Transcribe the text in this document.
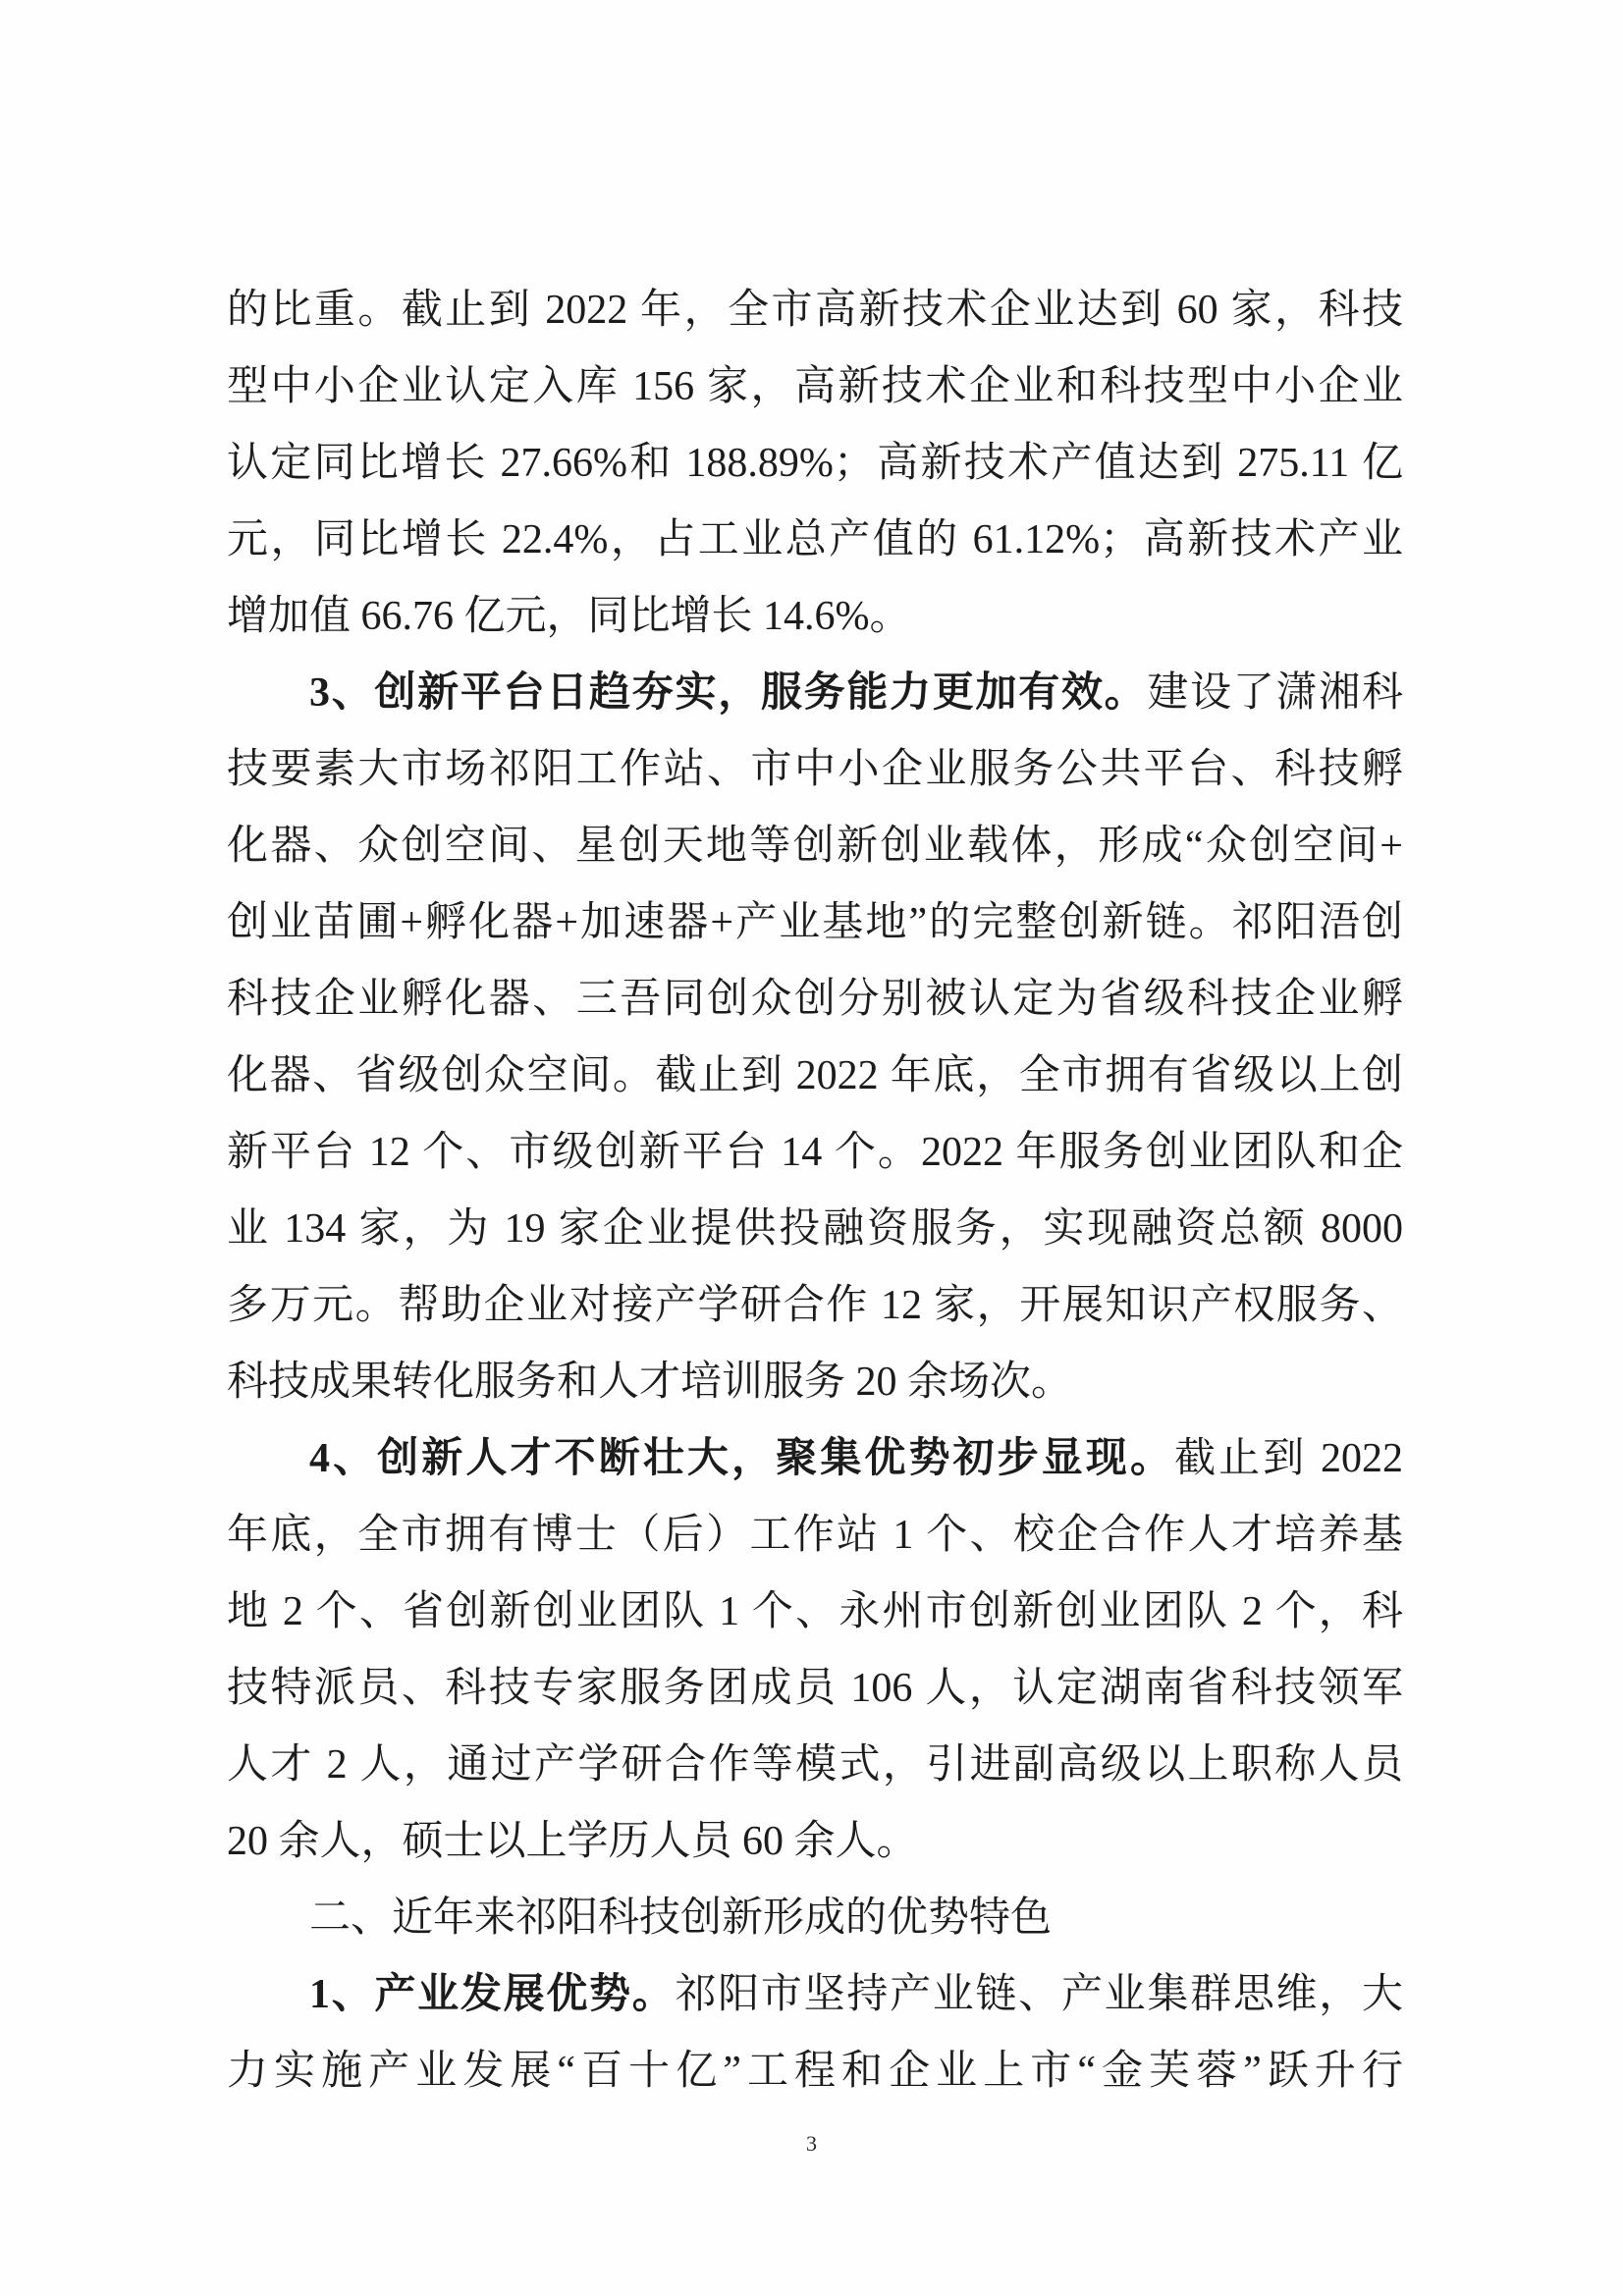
的比重。截止到 2022 年，全市高新技术企业达到 60 家，科技
型中小企业认定入库 156 家，高新技术企业和科技型中小企业
认定同比增长 27.66%和 188.89%；高新技术产值达到 275.11 亿
元，同比增长 22.4%，占工业总产值的 61.12%；高新技术产业
增加值 66.76 亿元，同比增长 14.6%。
3、创新平台日趋夯实，服务能力更加有效。建设了潇湘科
技要素大市场祁阳工作站、市中小企业服务公共平台、科技孵
化器、众创空间、星创天地等创新创业载体，形成“众创空间+
创业苗圃+孵化器+加速器+产业基地”的完整创新链。祁阳浯创
科技企业孵化器、三吾同创众创分别被认定为省级科技企业孵
化器、省级创众空间。截止到 2022 年底，全市拥有省级以上创
新平台 12 个、市级创新平台 14 个。2022 年服务创业团队和企
业 134 家，为 19 家企业提供投融资服务，实现融资总额 8000
多万元。帮助企业对接产学研合作 12 家，开展知识产权服务、
科技成果转化服务和人才培训服务 20 余场次。
4、创新人才不断壮大，聚集优势初步显现。截止到 2022
年底，全市拥有博士（后）工作站 1 个、校企合作人才培养基
地 2 个、省创新创业团队 1 个、永州市创新创业团队 2 个，科
技特派员、科技专家服务团成员 106 人，认定湖南省科技领军
人才 2 人，通过产学研合作等模式，引进副高级以上职称人员
20 余人，硕士以上学历人员 60 余人。
二、近年来祁阳科技创新形成的优势特色
1、产业发展优势。祁阳市坚持产业链、产业集群思维，大
力实施产业发展“百十亿”工程和企业上市“金芙蓉”跃升行
3
